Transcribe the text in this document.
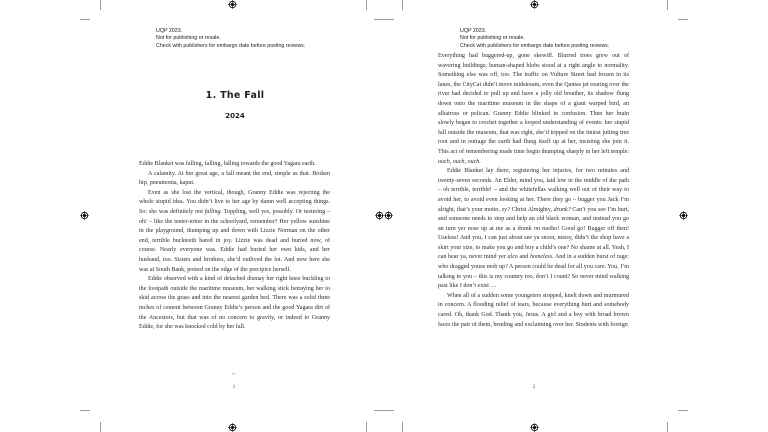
UQP 2023.
Not for publishing or resale.
Check with publishers for embargo date before posting reviews.
1. The Fall
2024

Eddie Blanket was falling, falling, falling towards the good Yagara earth.

A calamity. At her great age, a fall meant the end, simple as that. Broken hip, pneumonia, kaput.

Even as she lost the vertical, though, Granny Eddie was rejecting the whole stupid idea. You didn’t live to her age by damn well accepting things. So: she was definitely not falling. Toppling, well yes, possibly. Or teetering – oh! – like the teeter-totter in the schoolyard, remember? Her yellow sunshine in the playground, thumping up and down with Lizzie Norman on the other end, terrible buckteeth bared in joy. Lizzie was dead and buried now, of course. Nearly everyone was. Eddie had buried her own kids, and her husband, too. Sisters and brothers, she’d outlived the lot. And now here she was at South Bank, poised on the edge of the precipice herself.

Eddie observed with a kind of detached dismay her right knee buckling to the footpath outside the maritime museum, her walking stick betraying her to skid across the grass and into the nearest garden bed. There was a solid three inches of cement between Granny Eddie’s person and the good Yagara dirt of the Ancestors, but that was of no concern to gravity, or indeed to Granny Eddie, for she was knocked cold by her fall.

~
1
UQP 2023.
Not for publishing or resale.
Check with publishers for embargo date before posting reviews.

Everything had buggered-up, gone skewiff. Blurred trees grew out of wavering buildings; human-shaped blobs stood at a right angle to normality. Something else was off, too. The traffic on Vulture Street had frozen in its lanes, the CityCat didn’t move midstream, even the Qantas jet roaring over the river had decided to pull up and have a jolly old breather, its shadow flung down onto the maritime museum in the shape of a giant warped bird, an albatross or pelican. Granny Eddie blinked in confusion. Then her brain slowly began to crochet together a looped understanding of events: her stupid fall outside the museum, that was right, she’d tripped on the tiniest jutting tree root and in outrage the earth had flung itself up at her, insisting she join it. This act of remembering made time begin thumping sharply in her left temple: ouch, ouch, ouch.

Eddie Blanket lay there, registering her injuries, for two minutes and twenty-seven seconds. An Elder, mind you, laid low in the middle of the path – oh terrible, terrible! – and the whitefellas walking well out of their way to avoid her, to avoid even looking at her. There they go – bugger you Jack I’m alright, that’s your motto, ey? Christ Almighty, drunk? Can’t you see I’m hurt, and someone needs to stop and help an old black woman, and instead you go an turn yer nose up at me as a drunk on metho! Good go! Bugger off then! Useless! And you, I can just about see ya snoot, missy, didn’t the shop have a skirt your size, to make you go and buy a child’s one? No shame at all. Yeah, I can hear ya, never mind yer alco and homeless. And in a sudden burst of rage: who dragged youse mob up? A person could be dead for all you care. You, I’m talking to you – this is my country too, don’t I count? So never mind walking past like I don’t exist …

When all of a sudden some youngsters stopped, knelt down and murmured in concern. A flooding relief of tears, because everything hurt and somebody cared. Oh, thank God. Thank you, Jesus. A girl and a boy with broad brown faces the pair of them, bending and exclaiming over her. Students with foreign

2
